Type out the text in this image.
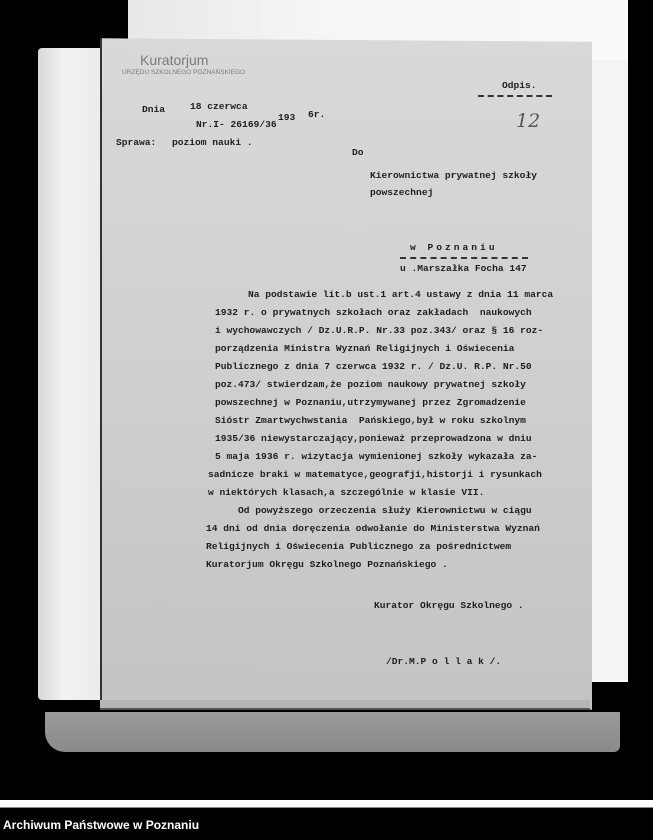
Kuratorjum
URZĘDU SZKOLNEGO POZNAŃSKIEGO
Odpis.
Dnia	18 czerwca
193 6r.
Nr.I- 26169/36	12
Sprawa: poziom nauki .
Do
Kierownictwa prywatnej szkoły
powszechnej
w Poznaniu
u .Marszałka Focha 147
Na podstawie lit.b ust.1 art.4 ustawy z dnia 11 marca
1932 r. o prywatnych szkołach oraz zakładach  naukowych
i wychowawczych / Dz.U.R.P. Nr.33 poz.343/ oraz § 16 roz-
porządzenia Ministra Wyznań Religijnych i Oświecenia
Publicznego z dnia 7 czerwca 1932 r. / Dz.U. R.P. Nr.50
poz.473/ stwierdzam,że poziom naukowy prywatnej szkoły
powszechnej w Poznaniu,utrzymywanej przez Zgromadzenie
Sióstr Zmartwychwstania  Pańskiego,był w roku szkolnym
1935/36 niewystarczający,ponieważ przeprowadzona w dniu
5 maja 1936 r. wizytacja wymienionej szkoły wykazała za-
sadnicze braki w matematyce,geografji,historji i rysunkach
w niektórych klasach,a szczególnie w klasie VII.
Od powyższego orzeczenia służy Kierownictwu w ciągu
14 dni od dnia doręczenia odwołanie do Ministerstwa Wyznań
Religijnych i Oświecenia Publicznego za pośrednictwem
Kuratorjum Okręgu Szkolnego Poznańskiego .
Kurator Okręgu Szkolnego .
/Dr.M.P o l l a k /.
Archiwum Państwowe w Poznaniu
